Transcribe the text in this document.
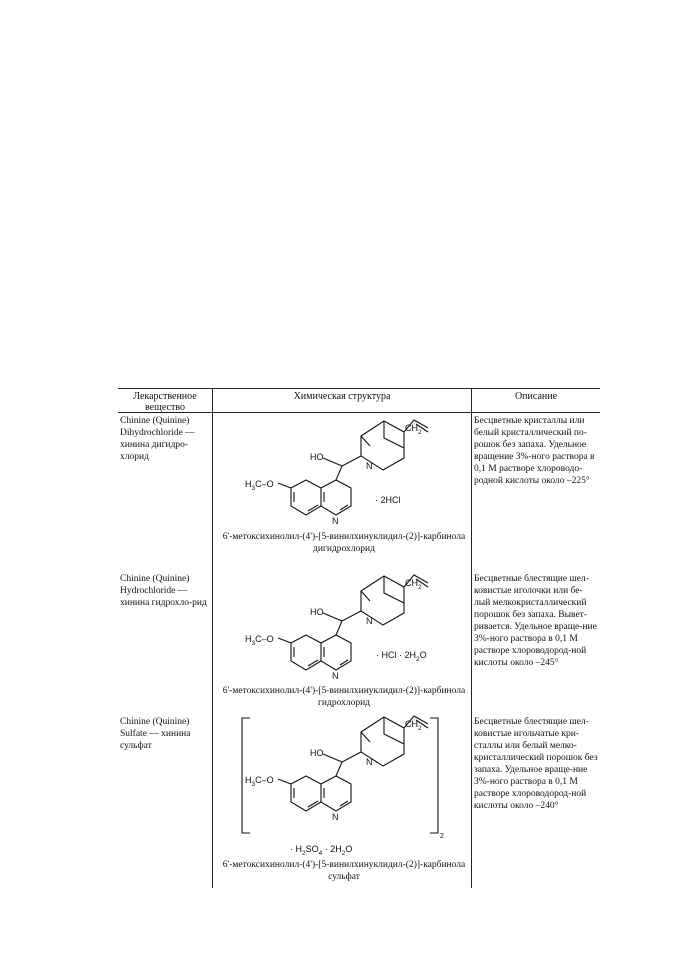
Лекарственное вещество
Химическая структура	Описание
Chinine (Quinine) Dihydrochloride — хинина дигидро-хлорид
Бесцветные кристаллы или белый кристаллический по-рошок без запаха. Удельное вращение 3%-ного раствора в 0,1 М растворе хлороводо-родной кислоты около –225°
$CH_2$
HO
N
$H_3C-O$
N
· 2HCl
6'-метоксихинолил-(4')-[5-винилхинуклидил-(2)]-карбинола дигидрохлорид
Chinine (Quinine) Hydrochloride — хинина гидрохло-рид
Бесцветные блестящие шел-ковистые иголочки или бе-лый мелкокристаллический порошок без запаха. Вывет-ривается. Удельное враще-ние 3%-ного раствора в 0,1 М растворе хлороводород-ной кислоты около –245°
$CH_2$
HO
N
$H_3C-O$
N
· HCl · $2H_2O$
6'-метоксихинолил-(4')-[5-винилхинуклидил-(2)]-карбинола гидрохлорид
Chinine (Quinine) Sulfate — хинина сульфат
Бесцветные блестящие шел-ковистые игольчатые кри-сталлы или белый мелко-кристаллический порошок без запаха. Удельное враще-ние 3%-ного раствора в 0,1 М растворе хлороводород-ной кислоты около –240°
$CH_2$
HO
N
$H_3C-O$
N
2
· $H_2SO_4 \cdot 2H_2O$
6'-метоксихинолил-(4')-[5-винилхинуклидил-(2)]-карбинола сульфат
